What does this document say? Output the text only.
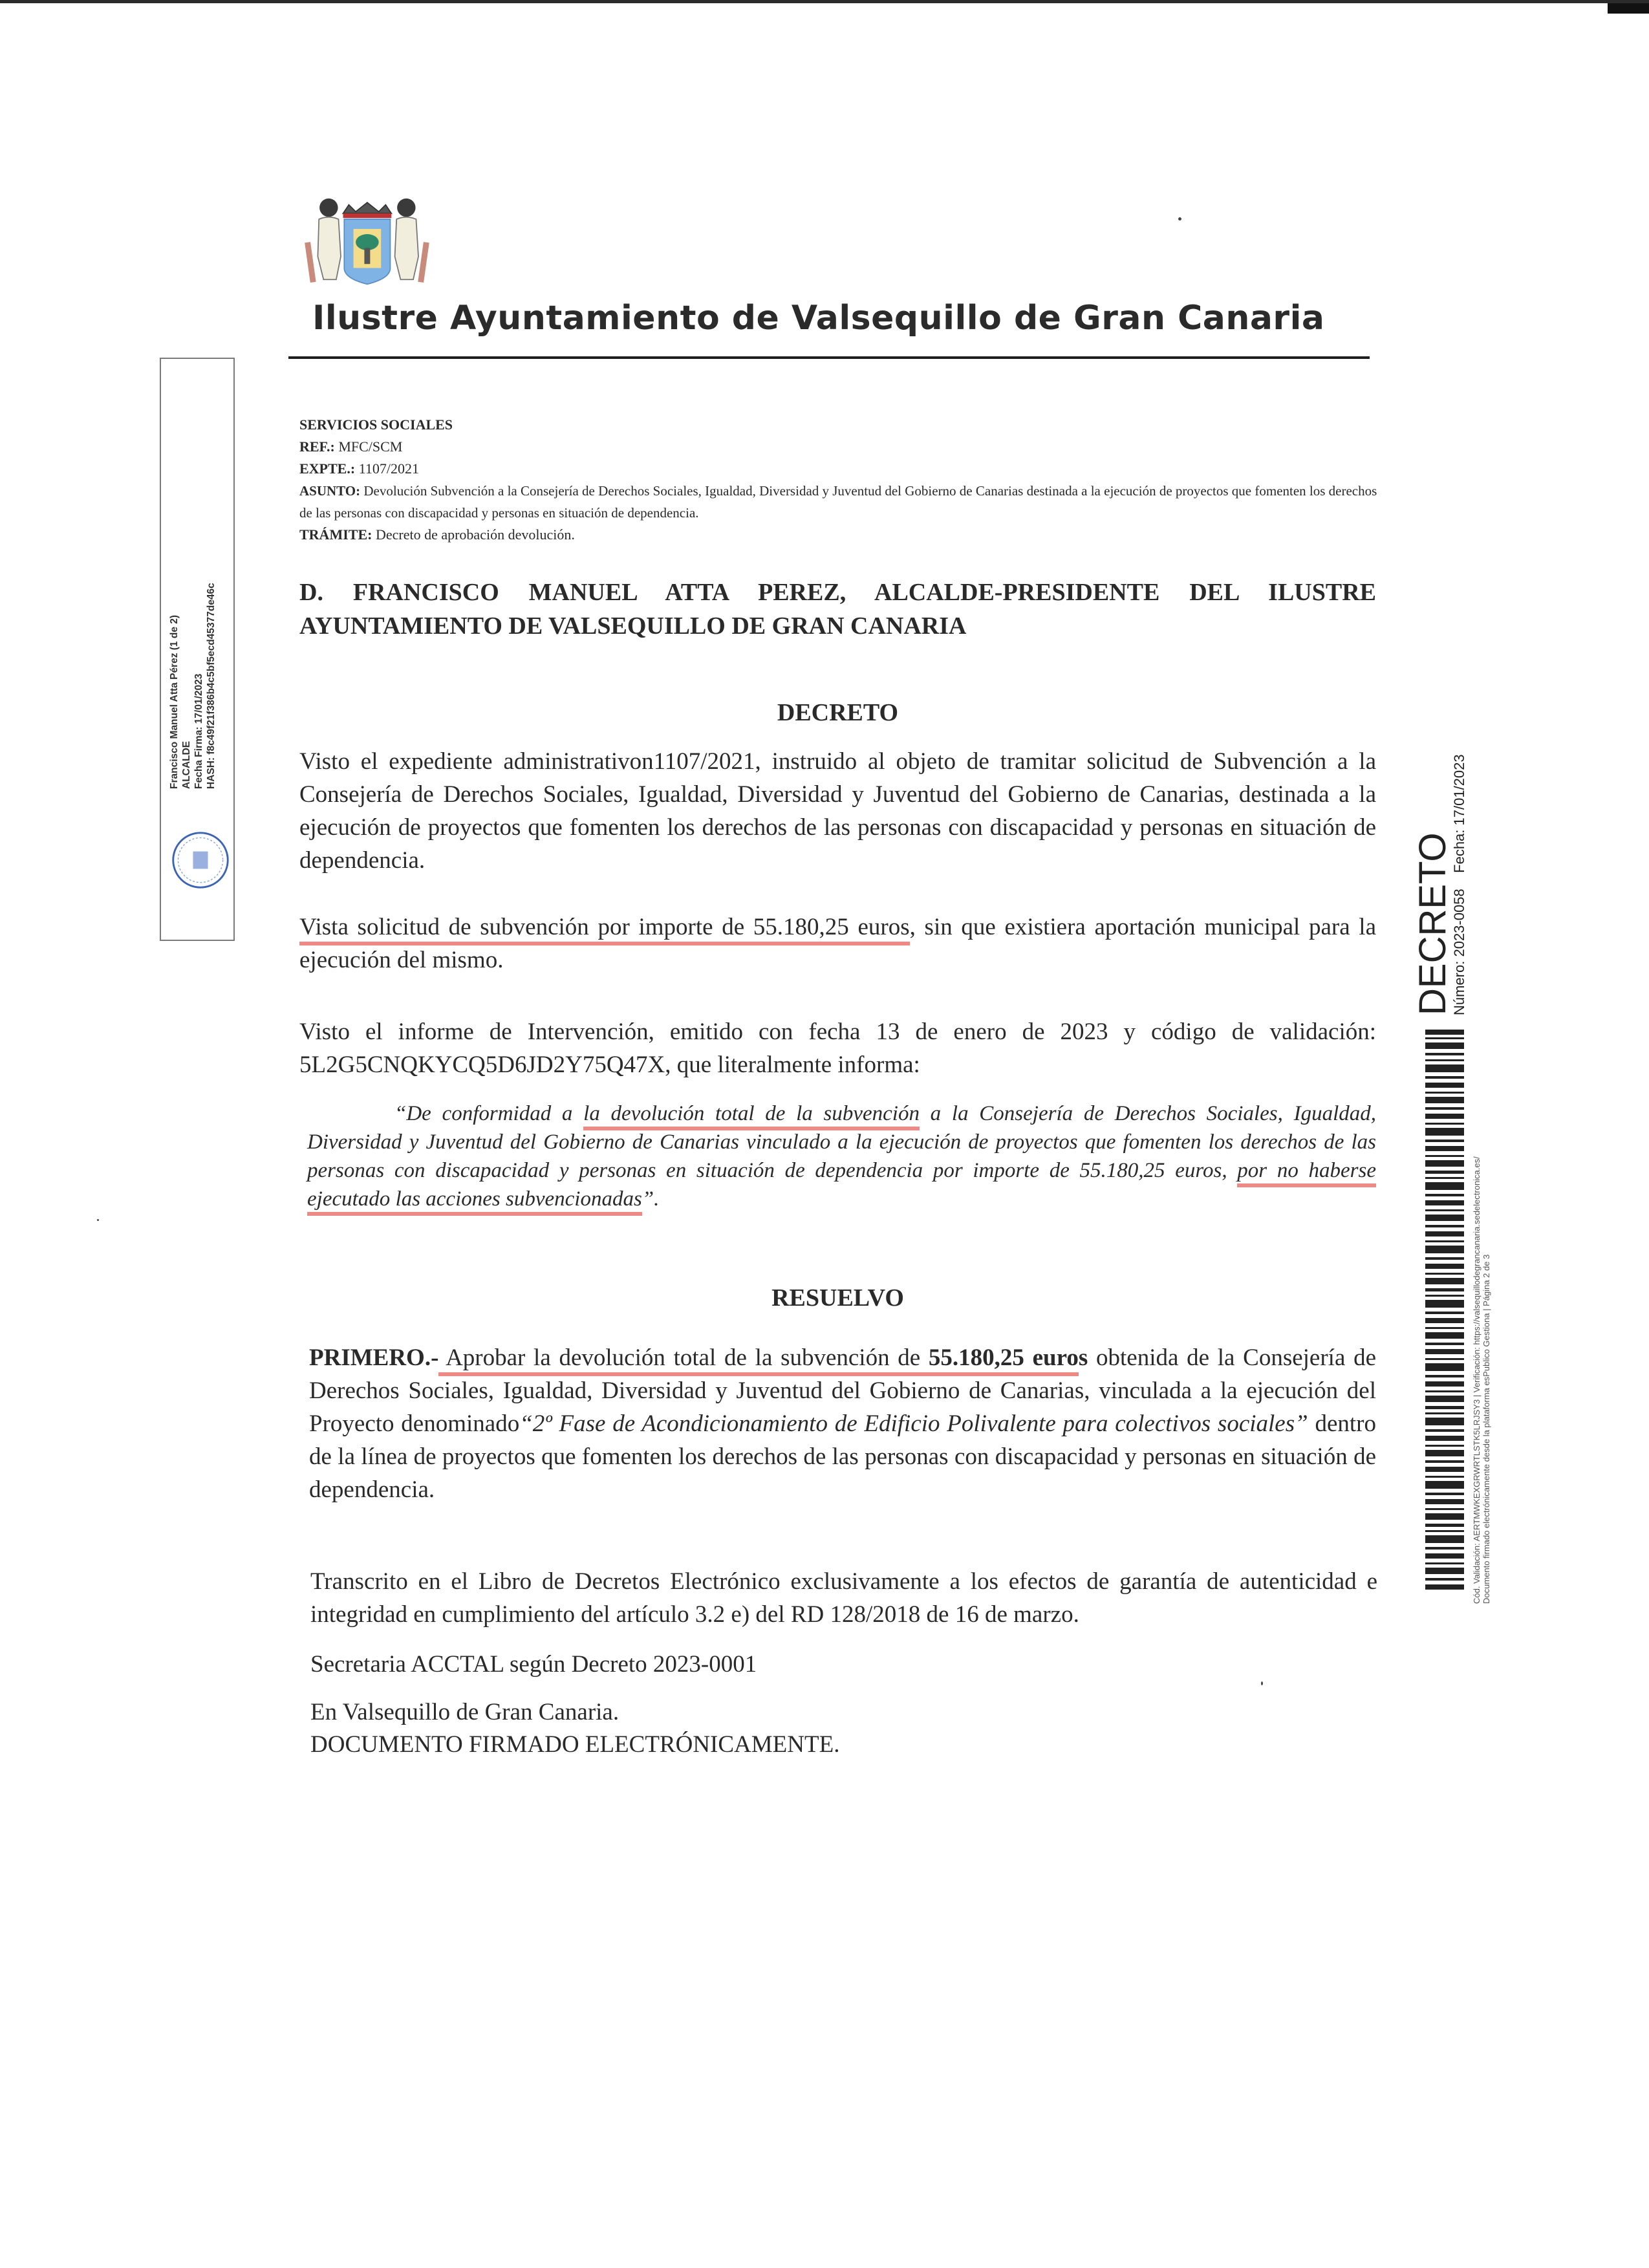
Ilustre Ayuntamiento de Valsequillo de Gran Canaria
Francisco Manuel Atta Pérez (1 de 2) ALCALDE Fecha Firma: 17/01/2023 HASH: f8c49f21f386b4c5bf5ecd45377de46c
DECRETO
Número: 2023-0058    Fecha: 17/01/2023
Cód. Validación: AERTMWKEXGRWRTLSTK5LRJSY3 | Verificación: https://valsequillodegrancanaria.sedelectronica.es/ Documento firmado electrónicamente desde la plataforma esPublico Gestiona | Página 2 de 3
SERVICIOS SOCIALES
REF.: MFC/SCM
EXPTE.: 1107/2021
ASUNTO: Devolución Subvención a la Consejería de Derechos Sociales, Igualdad, Diversidad y Juventud del Gobierno de Canarias destinada a la ejecución de proyectos que fomenten los derechos de las personas con discapacidad y personas en situación de dependencia.
TRÁMITE: Decreto de aprobación devolución.
D. FRANCISCO MANUEL ATTA PEREZ, ALCALDE-PRESIDENTE DEL ILUSTRE AYUNTAMIENTO DE VALSEQUILLO DE GRAN CANARIA
DECRETO
Visto el expediente administrativon1107/2021, instruido al objeto de tramitar solicitud de Subvención a la Consejería de Derechos Sociales, Igualdad, Diversidad y Juventud del Gobierno de Canarias, destinada a la ejecución de proyectos que fomenten los derechos de las personas con discapacidad y personas en situación de dependencia.
Vista solicitud de subvención por importe de 55.180,25 euros, sin que existiera aportación municipal para la ejecución del mismo.
Visto el informe de Intervención, emitido con fecha 13 de enero de 2023 y código de validación: 5L2G5CNQKYCQ5D6JD2Y75Q47X, que literalmente informa:
“De conformidad a la devolución total de la subvención a la Consejería de Derechos Sociales, Igualdad, Diversidad y Juventud del Gobierno de Canarias vinculado a la ejecución de proyectos que fomenten los derechos de las personas con discapacidad y personas en situación de dependencia por importe de 55.180,25 euros, por no haberse ejecutado las acciones subvencionadas”.
RESUELVO
PRIMERO.- Aprobar la devolución total de la subvención de 55.180,25 euros obtenida de la Consejería de Derechos Sociales, Igualdad, Diversidad y Juventud del Gobierno de Canarias, vinculada a la ejecución del Proyecto denominado“2º Fase de Acondicionamiento de Edificio Polivalente para colectivos sociales” dentro de la línea de proyectos que fomenten los derechos de las personas con discapacidad y personas en situación de dependencia.
Transcrito en el Libro de Decretos Electrónico exclusivamente a los efectos de garantía de autenticidad e integridad en cumplimiento del artículo 3.2 e) del RD 128/2018 de 16 de marzo.
Secretaria ACCTAL según Decreto 2023-0001
En Valsequillo de Gran Canaria.
DOCUMENTO FIRMADO ELECTRÓNICAMENTE.
